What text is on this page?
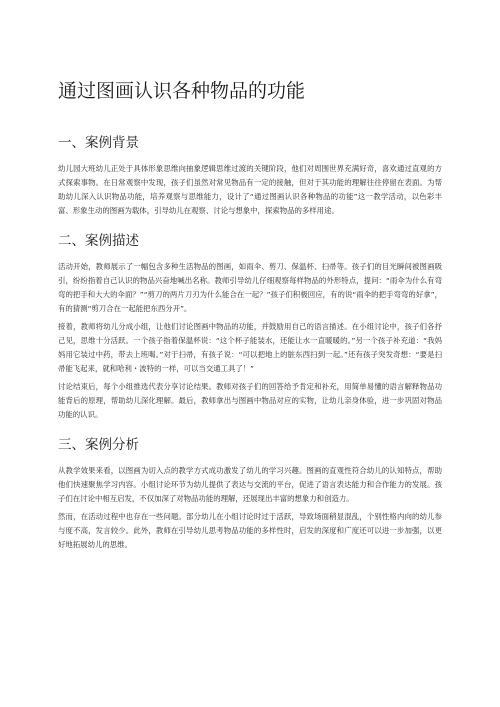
通过图画认识各种物品的功能
一、案例背景

幼儿园大班幼儿正处于具体形象思维向抽象逻辑思维过渡的关键阶段，他们对周围世界充满好奇，喜欢通过直观的方式探索事物。在日常观察中发现，孩子们虽然对常见物品有一定的接触，但对于其功能的理解往往停留在表面。为帮助幼儿深入认识物品功能，培养观察与思维能力，设计了“通过图画认识各种物品的功能”这一教学活动，以色彩丰富、形象生动的图画为载体，引导幼儿在观察、讨论与想象中，探索物品的多样用途。

二、案例描述

活动开始，教师展示了一幅包含多种生活物品的图画，如雨伞、剪刀、保温杯、扫帚等。孩子们的目光瞬间被图画吸引，纷纷指着自己认识的物品兴奋地喊出名称。教师引导幼儿仔细观察每样物品的外形特点，提问：“雨伞为什么有弯弯的把手和大大的伞面？”“剪刀的两片刀刃为什么能合在一起？”孩子们积极回应，有的说“雨伞的把手弯弯的好拿”，有的猜测“剪刀合在一起能把东西分开”。

接着，教师将幼儿分成小组，让他们讨论图画中物品的功能，并鼓励用自己的语言描述。在小组讨论中，孩子们各抒己见，思维十分活跃。一个孩子指着保温杯说：“这个杯子能装水，还能让水一直暖暖的。”另一个孩子补充道：“我妈妈用它装过中药，带去上班喝。”对于扫帚，有孩子说：“可以把地上的脏东西扫到一起。”还有孩子突发奇想：“要是扫帚能飞起来，就和哈利・波特的一样，可以当交通工具了！”

讨论结束后，每个小组推选代表分享讨论结果。教师对孩子们的回答给予肯定和补充，用简单易懂的语言解释物品功能背后的原理，帮助幼儿深化理解。最后，教师拿出与图画中物品对应的实物，让幼儿亲身体验，进一步巩固对物品功能的认识。

三、案例分析

从教学效果来看，以图画为切入点的教学方式成功激发了幼儿的学习兴趣。图画的直观性符合幼儿的认知特点，帮助他们快速聚焦学习内容。小组讨论环节为幼儿提供了表达与交流的平台，促进了语言表达能力和合作能力的发展。孩子们在讨论中相互启发，不仅加深了对物品功能的理解，还展现出丰富的想象力和创造力。

然而，在活动过程中也存在一些问题。部分幼儿在小组讨论时过于活跃，导致场面稍显混乱，个别性格内向的幼儿参与度不高，发言较少。此外，教师在引导幼儿思考物品功能的多样性时，启发的深度和广度还可以进一步加强，以更好地拓展幼儿的思维。
